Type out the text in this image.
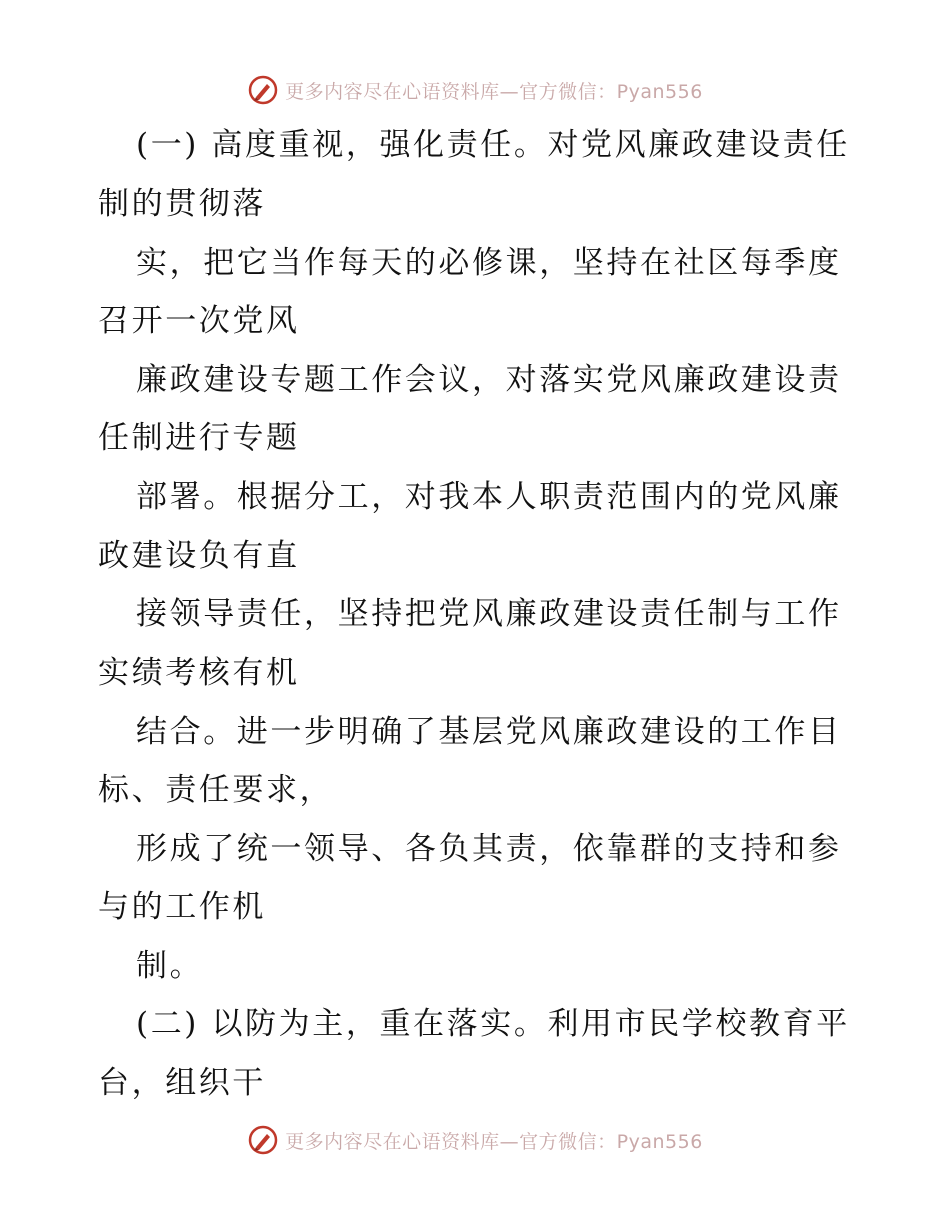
更多内容尽在心语资料库—官方微信：Pyan556
(一) 高度重视，强化责任。对党风廉政建设责任
制的贯彻落
实，把它当作每天的必修课，坚持在社区每季度
召开一次党风
廉政建设专题工作会议，对落实党风廉政建设责
任制进行专题
部署。根据分工，对我本人职责范围内的党风廉
政建设负有直
接领导责任，坚持把党风廉政建设责任制与工作
实绩考核有机
结合。进一步明确了基层党风廉政建设的工作目
标、责任要求，
形成了统一领导、各负其责，依靠群的支持和参
与的工作机
制。
(二) 以防为主，重在落实。利用市民学校教育平
台，组织干
更多内容尽在心语资料库—官方微信：Pyan556
